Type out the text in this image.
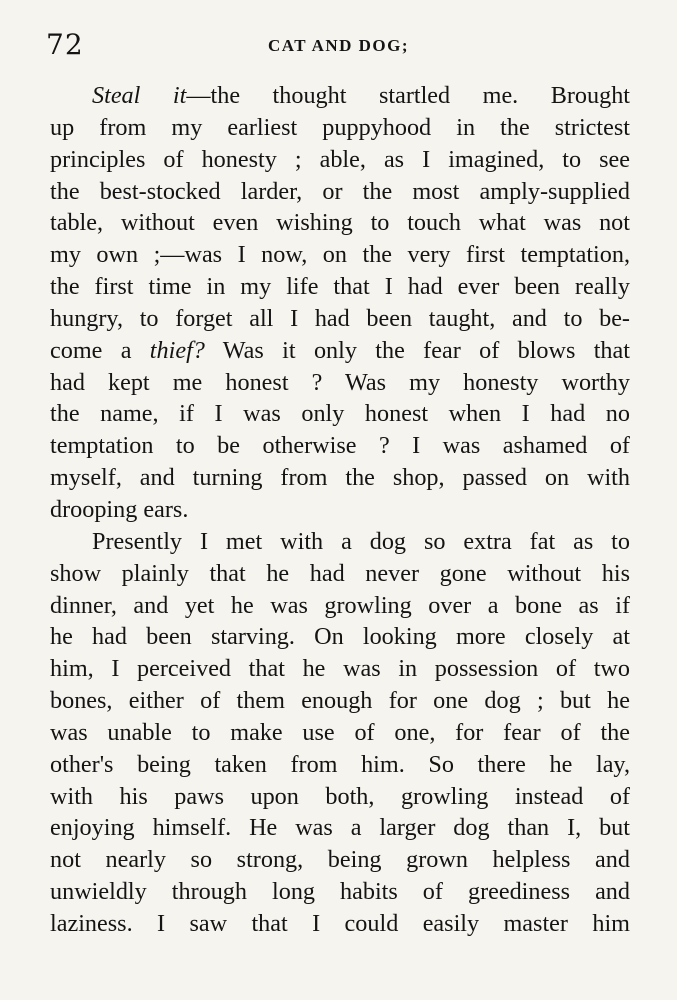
72	CAT AND DOG;
Steal it—the thought startled me. Brought
up from my earliest puppyhood in the strictest
principles of honesty ; able, as I imagined, to see
the best-stocked larder, or the most amply-supplied
table, without even wishing to touch what was not
my own ;—was I now, on the very first temptation,
the first time in my life that I had ever been really
hungry, to forget all I had been taught, and to be-
come a thief? Was it only the fear of blows that
had kept me honest ? Was my honesty worthy
the name, if I was only honest when I had no
temptation to be otherwise ? I was ashamed of
myself, and turning from the shop, passed on with
drooping ears.
Presently I met with a dog so extra fat as to
show plainly that he had never gone without his
dinner, and yet he was growling over a bone as if
he had been starving. On looking more closely at
him, I perceived that he was in possession of two
bones, either of them enough for one dog ; but he
was unable to make use of one, for fear of the
other's being taken from him. So there he lay,
with his paws upon both, growling instead of
enjoying himself. He was a larger dog than I, but
not nearly so strong, being grown helpless and
unwieldly through long habits of greediness and
laziness. I saw that I could easily master him
